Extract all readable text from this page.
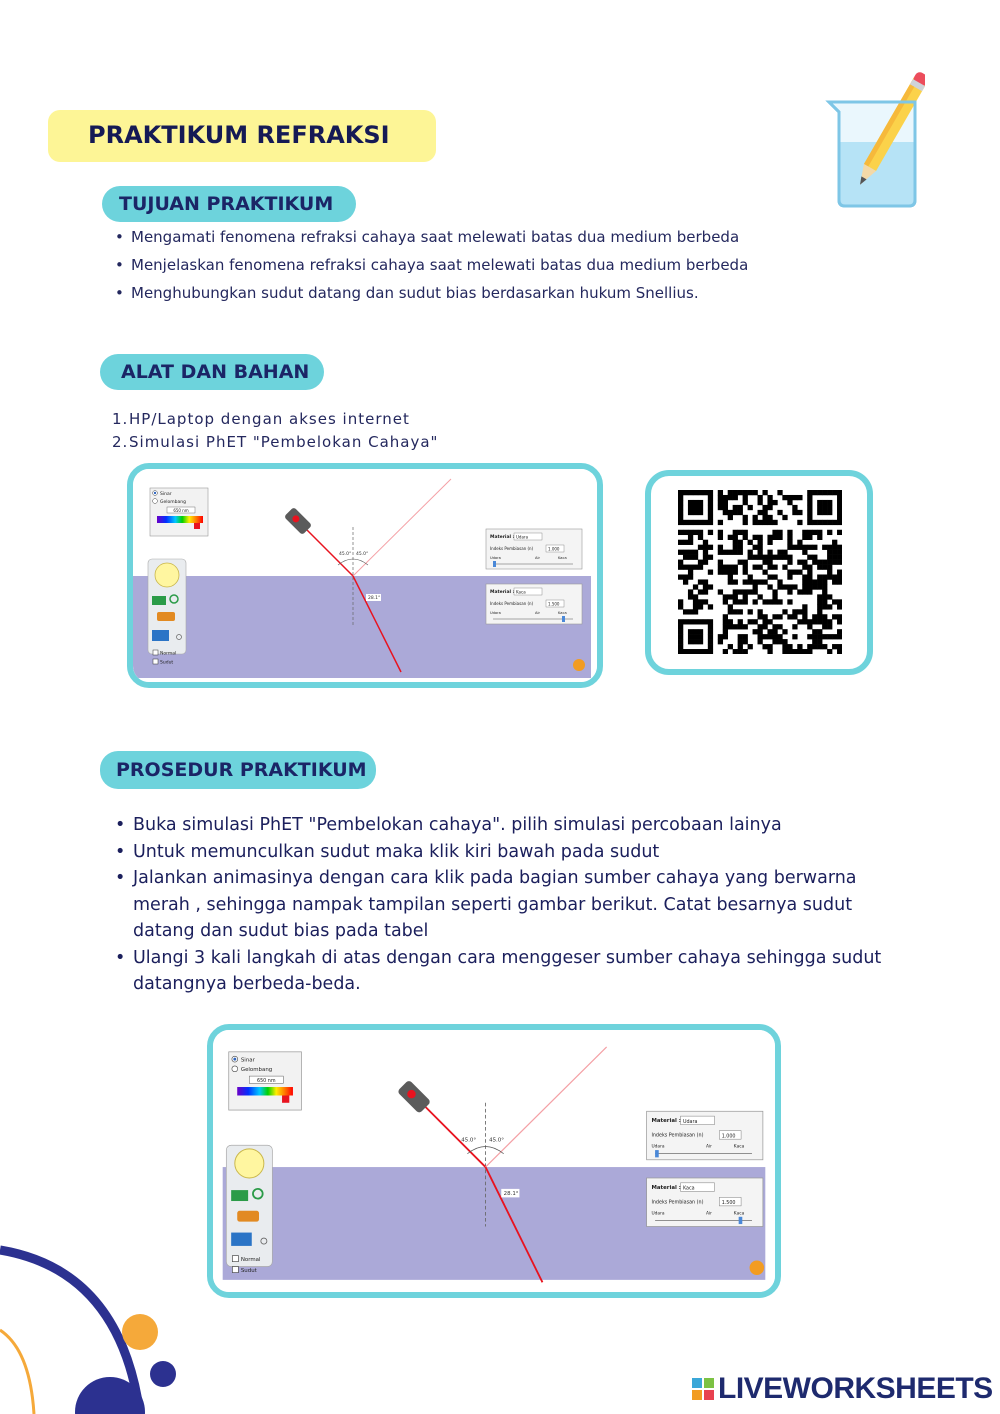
PRAKTIKUM REFRAKSI
TUJUAN PRAKTIKUM
• Mengamati fenomena refraksi cahaya saat melewati batas dua medium berbeda
• Menjelaskan fenomena refraksi cahaya saat melewati batas dua medium berbeda
• Menghubungkan sudut datang dan sudut bias berdasarkan hukum Snellius.
ALAT DAN BAHAN
1.HP/Laptop dengan akses internet
2.Simulasi PhET "Pembelokan Cahaya"
Sinar
Gelombang
650 nm
Normal
Sudut
45.0° 45.0°
28.1°
Material : Udara
Indeks Pembiasan (n)	1.000
Udara	Air	Kaca
Material : Kaca
Indeks Pembiasan (n)	1.500
Udara	Air	Kaca
PROSEDUR PRAKTIKUM
• Buka simulasi PhET "Pembelokan cahaya". pilih simulasi percobaan lainya
• Untuk memunculkan sudut maka klik kiri bawah pada sudut
• Jalankan animasinya dengan cara klik pada bagian sumber cahaya yang berwarna merah , sehingga nampak tampilan seperti gambar berikut. Catat besarnya sudut datang dan sudut bias pada tabel
• Ulangi 3 kali langkah di atas dengan cara menggeser sumber cahaya sehingga sudut datangnya berbeda-beda.
Sinar
Gelombang
650 nm
Normal
Sudut
45.0°	45.0°
28.1°
Material : Udara
Indeks Pembiasan (n)	1.000
Udara	Air	Kaca
Material : Kaca
Indeks Pembiasan (n)	1.500
Udara	Air	Kaca
LIVEWORKSHEETS
